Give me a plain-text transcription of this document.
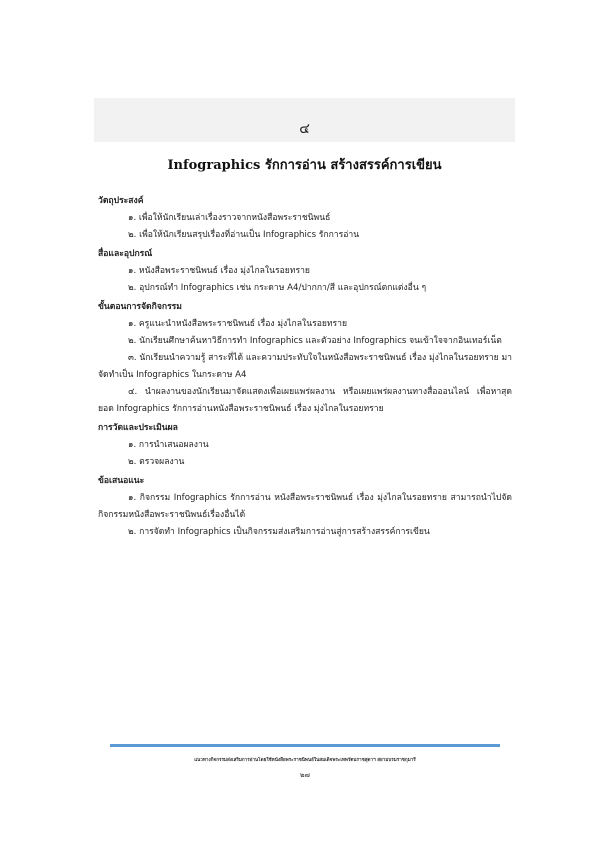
๔
Infographics รักการอ่าน สร้างสรรค์การเขียน
วัตถุประสงค์
๑. เพื่อให้นักเรียนเล่าเรื่องราวจากหนังสือพระราชนิพนธ์
๒. เพื่อให้นักเรียนสรุปเรื่องที่อ่านเป็น Infographics รักการอ่าน
สื่อและอุปกรณ์
๑. หนังสือพระราชนิพนธ์ เรื่อง มุ่งไกลในรอยทราย
๒. อุปกรณ์ทำ Infographics เช่น กระดาษ A4/ปากกา/สี และอุปกรณ์ตกแต่งอื่น ๆ
ขั้นตอนการจัดกิจกรรม
๑. ครูแนะนำหนังสือพระราชนิพนธ์ เรื่อง มุ่งไกลในรอยทราย
๒. นักเรียนศึกษาค้นหาวิธีการทำ Infographics และตัวอย่าง Infographics จนเข้าใจจากอินเทอร์เน็ต
๓. นักเรียนนำความรู้ สาระที่ได้ และความประทับใจในหนังสือพระราชนิพนธ์ เรื่อง มุ่งไกลในรอยทราย มาจัดทำเป็น Infographics ในกระดาษ A4
๔. นำผลงานของนักเรียนมาจัดแสดงเพื่อเผยแพร่ผลงาน หรือเผยแพร่ผลงานทางสื่อออนไลน์ เพื่อหาสุดยอด Infographics รักการอ่านหนังสือพระราชนิพนธ์ เรื่อง มุ่งไกลในรอยทราย
การวัดและประเมินผล
๑. การนำเสนอผลงาน
๒. ตรวจผลงาน
ข้อเสนอแนะ
๑. กิจกรรม Infographics รักการอ่าน หนังสือพระราชนิพนธ์ เรื่อง มุ่งไกลในรอยทราย สามารถนำไปจัดกิจกรรมหนังสือพระราชนิพนธ์เรื่องอื่นได้
๒. การจัดทำ Infographics เป็นกิจกรรมส่งเสริมการอ่านสู่การสร้างสรรค์การเขียน
แนวทางกิจกรรมส่งเสริมการอ่านโดยใช้หนังสือพระราชนิพนธ์ในสมเด็จพระเทพรัตนราชสุดาฯ สยามบรมราชกุมารี
๒๗
